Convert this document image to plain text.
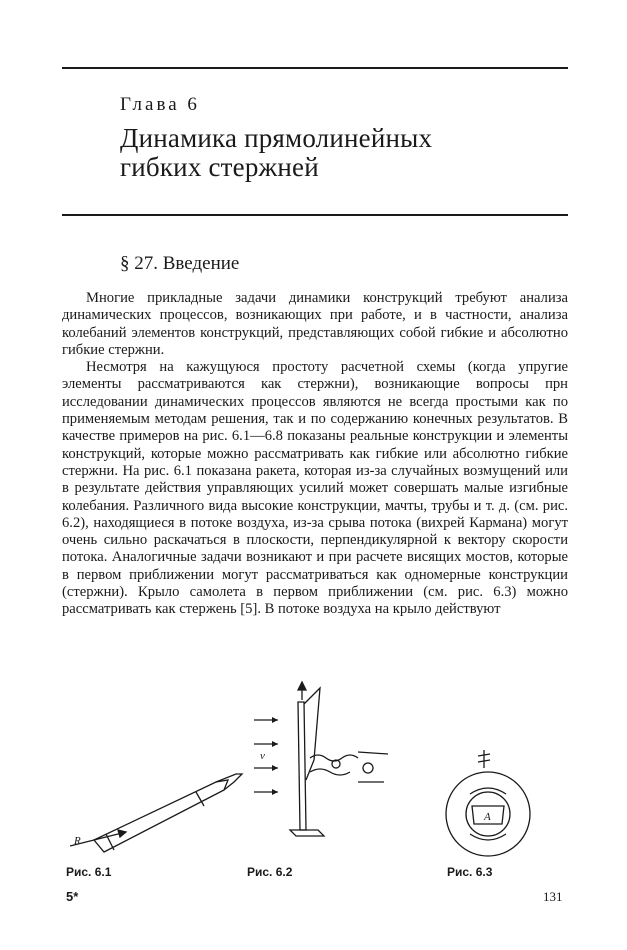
Глава 6
Динамика прямолинейных
гибких стержней
§ 27. Введение

Многие прикладные задачи динамики конструкций требуют анализа динамических процессов, возникающих при работе, и в частности, анализа колебаний элементов конструкций, представляющих собой гибкие и абсолютно гибкие стержни.

Несмотря на кажущуюся простоту расчетной схемы (когда упругие элементы рассматриваются как стержни), возникающие вопросы прн исследовании динамических процессов являются не всегда простыми как по применяемым методам решения, так и по содержанию конечных результатов. В качестве примеров на рис. 6.1—6.8 показаны реальные конструкции и элементы конструкций, которые можно рассматривать как гибкие или абсолютно гибкие стержни. На рис. 6.1 показана ракета, которая из-за случайных возмущений или в результате действия управляющих усилий может совершать малые изгибные колебания. Различного вида высокие конструкции, мачты, трубы и т. д. (см. рис. 6.2), находящиеся в потоке воздуха, из-за срыва потока (вихрей Кармана) могут очень сильно раскачаться в плоскости, перпендикулярной к вектору скорости потока. Аналогичные задачи возникают и при расчете висящих мостов, которые в первом приближении могут рассматриваться как одномерные конструкции (стержни). Крыло самолета в первом приближении (см. рис. 6.3) можно рассматривать как стержень [5]. В потоке воздуха на крыло действуют

R
v
A
Рис. 6.1	Рис. 6.2	Рис. 6.3
5*	131
